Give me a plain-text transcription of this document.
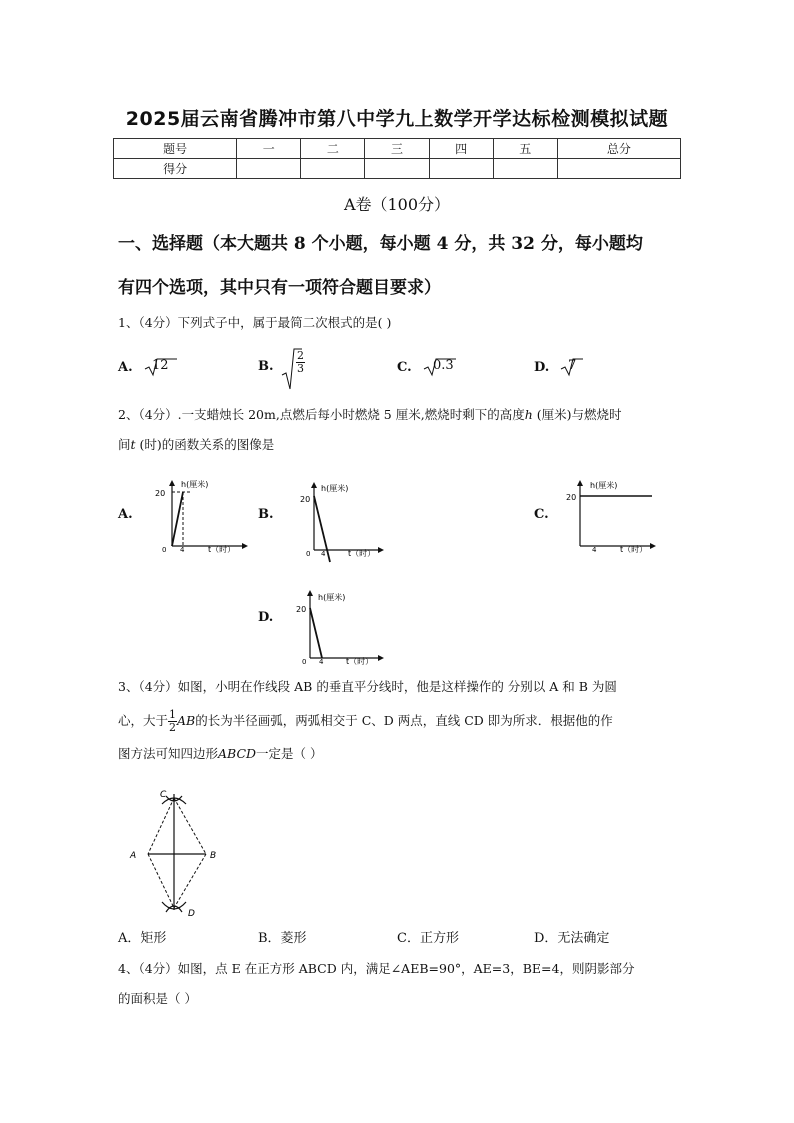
2025届云南省腾冲市第八中学九上数学开学达标检测模拟试题
题号	一	二	三	四	五	总分
得分						
A卷（100分）
一、选择题（本大题共 8 个小题，每小题 4 分，共 32 分，每小题均
有四个选项，其中只有一项符合题目要求）
1、（4分）下列式子中，属于最简二次根式的是( )
A. 12	B. $\frac{2}{3}$	C. 0.3	D. 7
2、（4分）.一支蜡烛长 20m,点燃后每小时燃烧 5 厘米,燃烧时剩下的高度h (厘米)与燃烧时
间t (时)的函数关系的图像是
A.
20
0 4
h(厘米)
t（时）
B.
20
0 4
h(厘米)
t（时）
C.
20
4
h(厘米)
t（时）
D.
20
0 4
h(厘米)
t（时）
3、（4分）如图，小明在作线段 AB 的垂直平分线时，他是这样操作的 分别以 A 和 B 为圆
心，大于 $\frac{1}{2}$ AB的长为半径画弧，两弧相交于 C、D 两点，直线 CD 即为所求．根据他的作
图方法可知四边形ABCD一定是（ ）
C
A	B
D
A．矩形	B．菱形	C．正方形	D．无法确定
4、（4分）如图，点 E 在正方形 ABCD 内，满足∠AEB=90°，AE=3，BE=4，则阴影部分
的面积是（ ）
